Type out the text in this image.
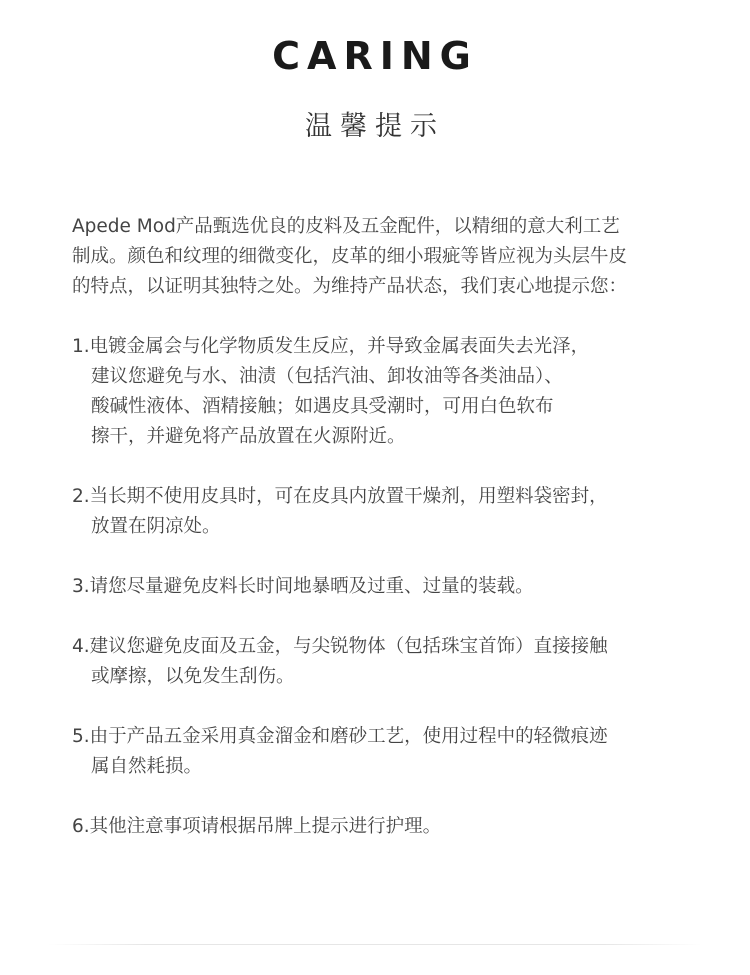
CARING
温馨提示
Apede Mod产品甄选优良的皮料及五金配件，以精细的意大利工艺
制成。颜色和纹理的细微变化，皮革的细小瑕疵等皆应视为头层牛皮
的特点，以证明其独特之处。为维持产品状态，我们衷心地提示您：
1.电镀金属会与化学物质发生反应，并导致金属表面失去光泽，
建议您避免与水、油渍（包括汽油、卸妆油等各类油品）、
酸碱性液体、酒精接触；如遇皮具受潮时，可用白色软布
擦干，并避免将产品放置在火源附近。
2.当长期不使用皮具时，可在皮具内放置干燥剂，用塑料袋密封，
放置在阴凉处。
3.请您尽量避免皮料长时间地暴晒及过重、过量的装载。
4.建议您避免皮面及五金，与尖锐物体（包括珠宝首饰）直接接触
或摩擦，以免发生刮伤。
5.由于产品五金采用真金溜金和磨砂工艺，使用过程中的轻微痕迹
属自然耗损。
6.其他注意事项请根据吊牌上提示进行护理。
